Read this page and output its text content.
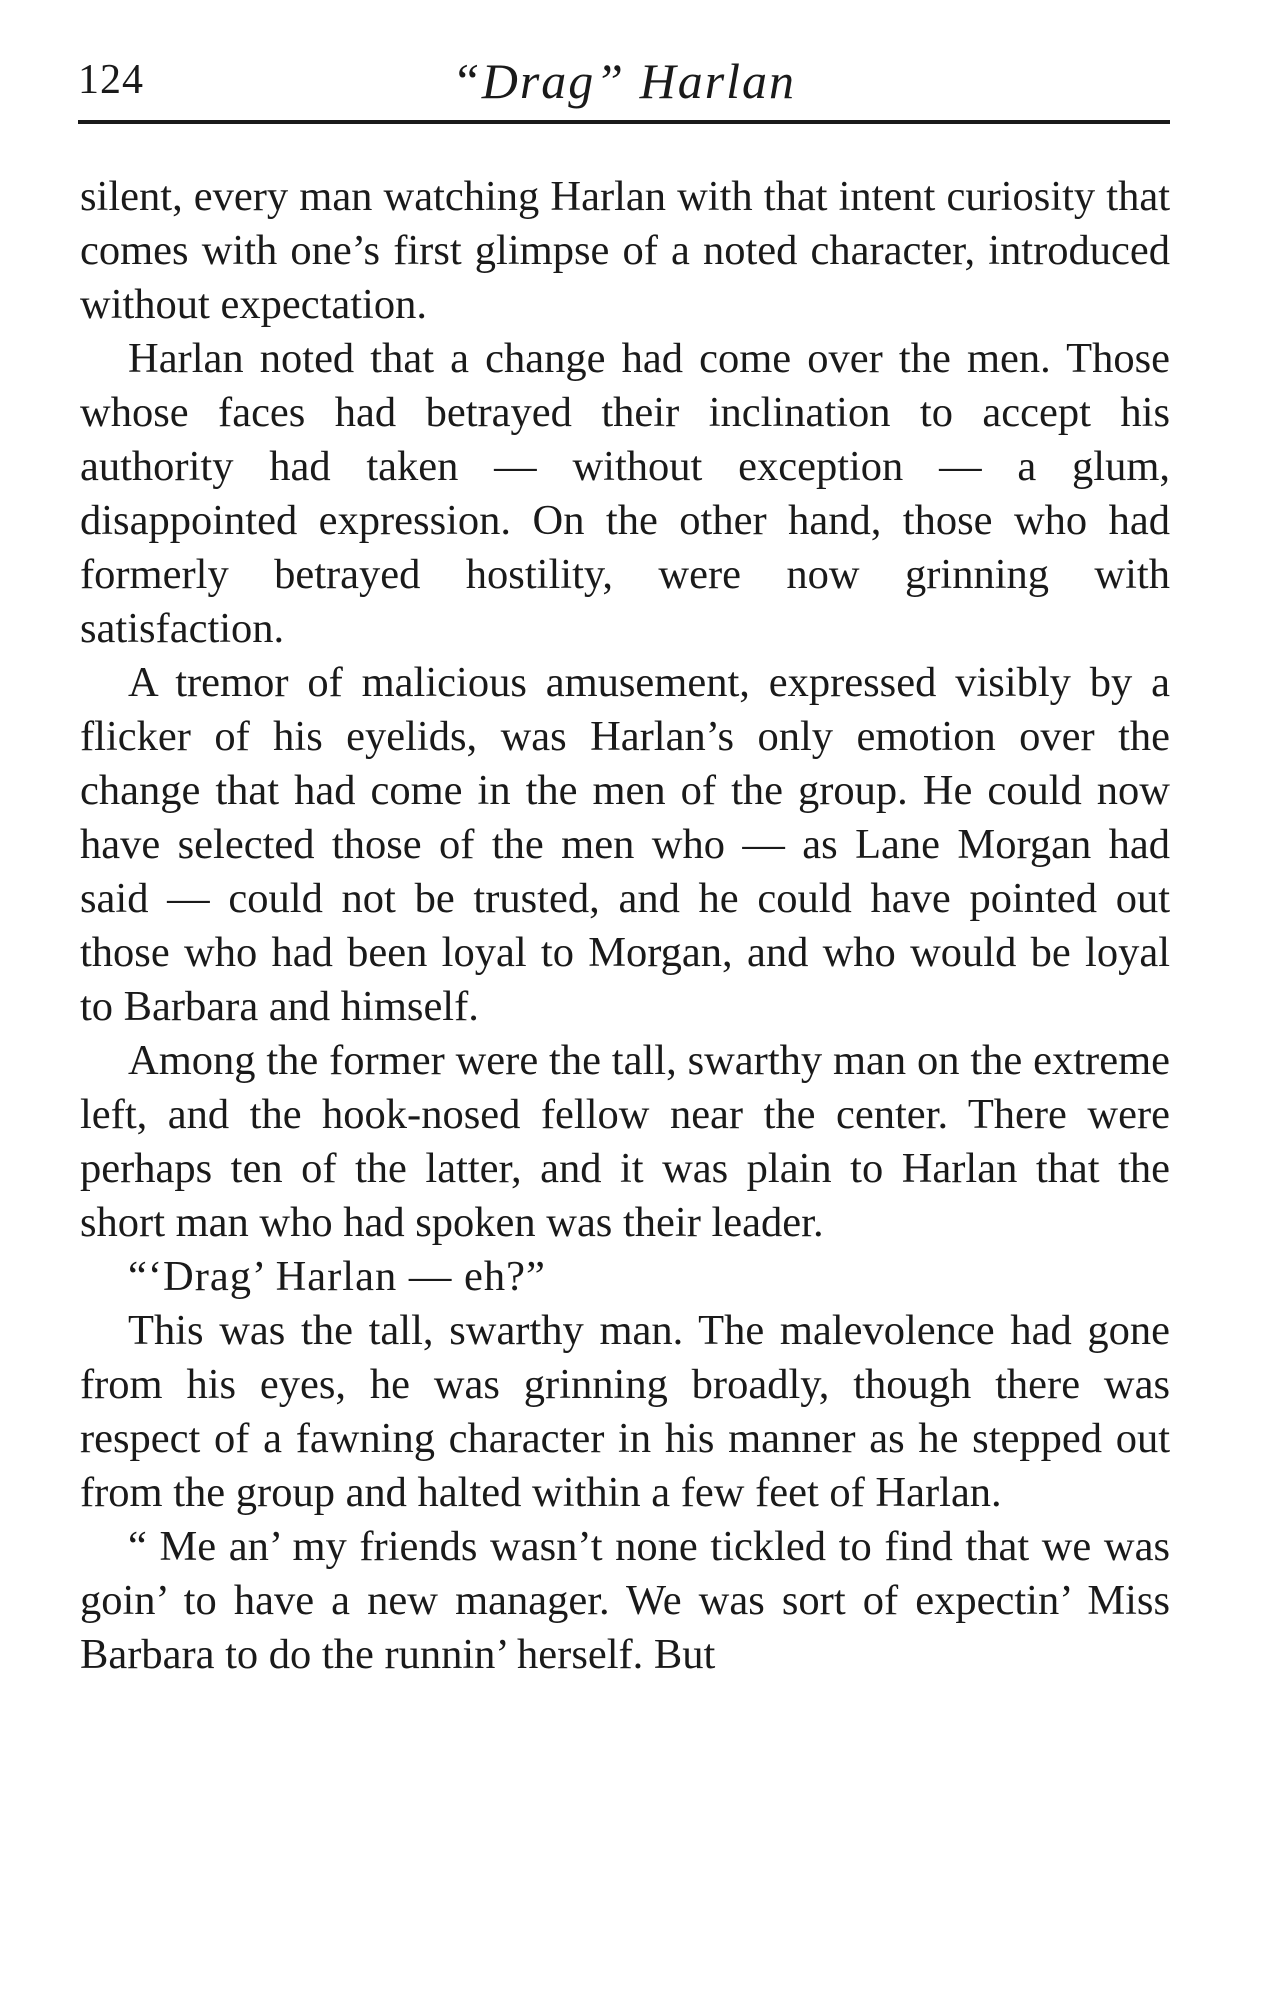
124	“Drag” Harlan

silent, every man watching Harlan with that intent curiosity that comes with one’s first glimpse of a noted character, introduced without expectation.

Harlan noted that a change had come over the men. Those whose faces had betrayed their inclination to accept his authority had taken — without exception — a glum, disappointed expression. On the other hand, those who had formerly betrayed hostility, were now grinning with satisfaction.

A tremor of malicious amusement, expressed visibly by a flicker of his eyelids, was Harlan’s only emotion over the change that had come in the men of the group. He could now have selected those of the men who — as Lane Morgan had said — could not be trusted, and he could have pointed out those who had been loyal to Morgan, and who would be loyal to Barbara and himself.

Among the former were the tall, swarthy man on the extreme left, and the hook-nosed fellow near the center. There were perhaps ten of the latter, and it was plain to Harlan that the short man who had spoken was their leader.

“‘Drag’ Harlan — eh?”

This was the tall, swarthy man. The malevolence had gone from his eyes, he was grinning broadly, though there was respect of a fawning character in his manner as he stepped out from the group and halted within a few feet of Harlan.

“ Me an’ my friends wasn’t none tickled to find that we was goin’ to have a new manager. We was sort of expectin’ Miss Barbara to do the runnin’ herself. But
